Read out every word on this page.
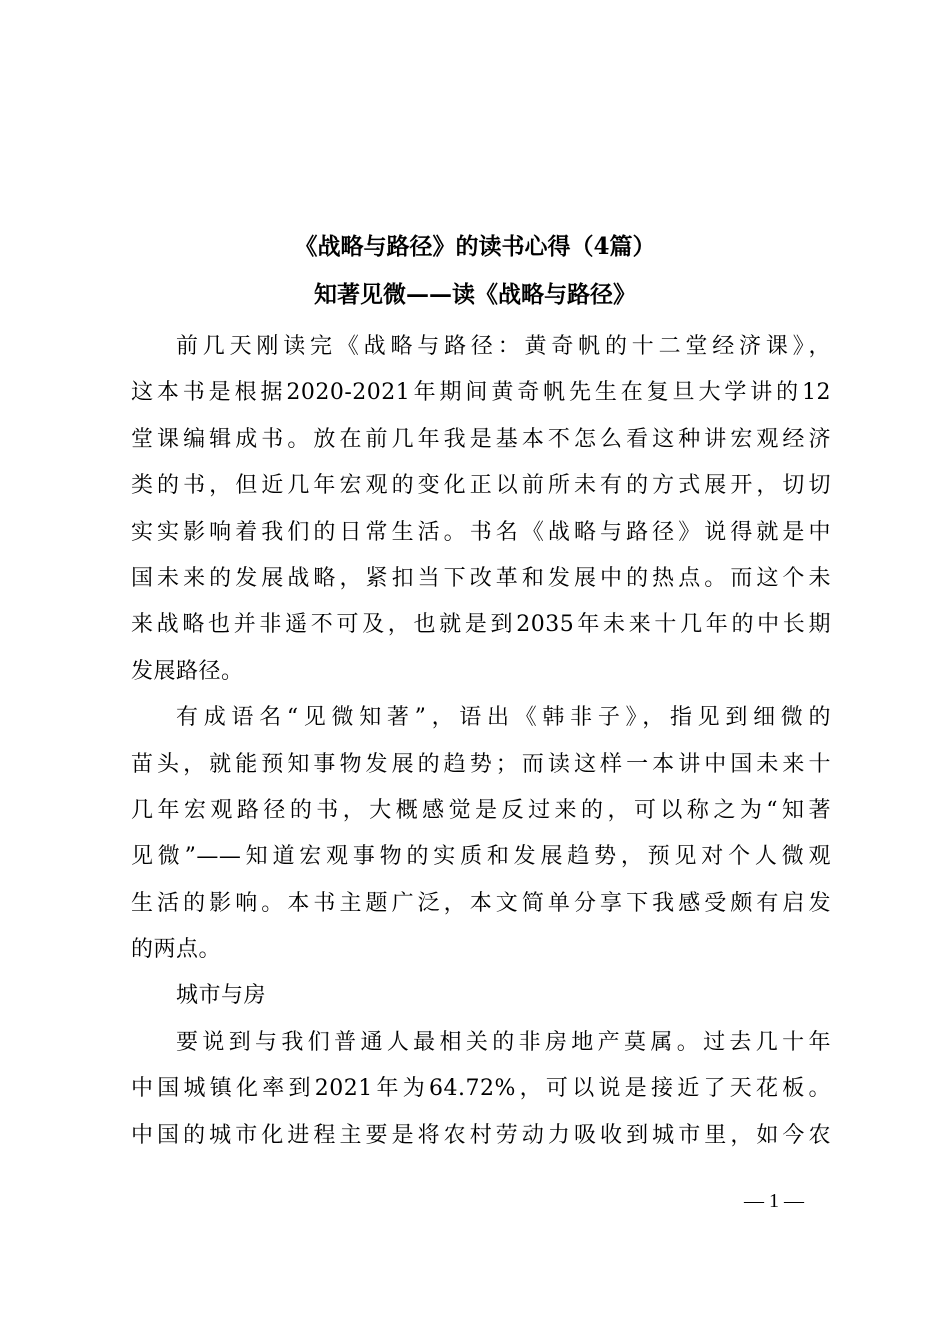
《战略与路径》的读书心得（4篇）
知著见微——读《战略与路径》
前几天刚读完《战略与路径：黄奇帆的十二堂经济课》，
这本书是根据2020-2021年期间黄奇帆先生在复旦大学讲的12
堂课编辑成书。放在前几年我是基本不怎么看这种讲宏观经济
类的书，但近几年宏观的变化正以前所未有的方式展开，切切
实实影响着我们的日常生活。书名《战略与路径》说得就是中
国未来的发展战略，紧扣当下改革和发展中的热点。而这个未
来战略也并非遥不可及，也就是到2035年未来十几年的中长期
发展路径。
有成语名“见微知著”，语出《韩非子》，指见到细微的
苗头，就能预知事物发展的趋势；而读这样一本讲中国未来十
几年宏观路径的书，大概感觉是反过来的，可以称之为“知著
见微”——知道宏观事物的实质和发展趋势，预见对个人微观
生活的影响。本书主题广泛，本文简单分享下我感受颇有启发
的两点。
城市与房
要说到与我们普通人最相关的非房地产莫属。过去几十年
中国城镇化率到2021年为64.72%，可以说是接近了天花板。
中国的城市化进程主要是将农村劳动力吸收到城市里，如今农
— 1 —
